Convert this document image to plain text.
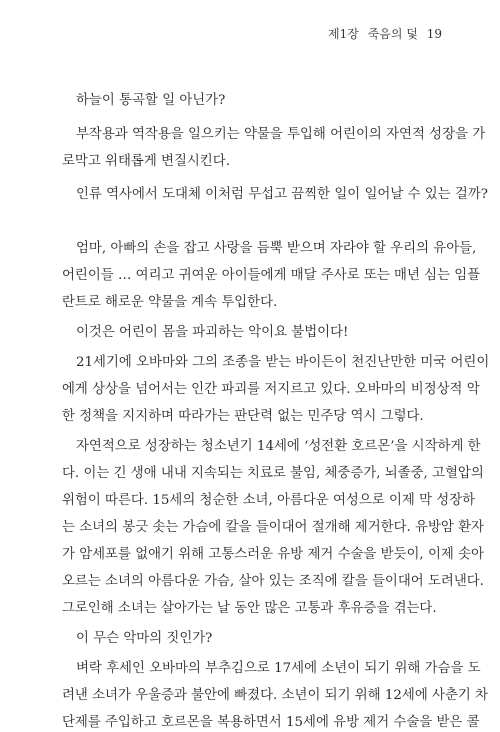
제1장 죽음의 덫 19
하늘이 통곡할 일 아닌가?
부작용과 역작용을 일으키는 약물을 투입해 어린이의 자연적 성장을 가
로막고 위태롭게 변질시킨다.
인류 역사에서 도대체 이처럼 무섭고 끔찍한 일이 일어날 수 있는 걸까?
엄마, 아빠의 손을 잡고 사랑을 듬뿍 받으며 자라야 할 우리의 유아들,
어린이들 … 여리고 귀여운 아이들에게 매달 주사로 또는 매년 심는 임플
란트로 해로운 약물을 계속 투입한다.
이것은 어린이 몸을 파괴하는 악이요 불법이다!
21세기에 오바마와 그의 조종을 받는 바이든이 천진난만한 미국 어린이
에게 상상을 넘어서는 인간 파괴를 저지르고 있다. 오바마의 비정상적 악
한 정책을 지지하며 따라가는 판단력 없는 민주당 역시 그렇다.
자연적으로 성장하는 청소년기 14세에 ‘성전환 호르몬’을 시작하게 한
다. 이는 긴 생애 내내 지속되는 치료로 불임, 체중증가, 뇌졸중, 고혈압의
위험이 따른다. 15세의 청순한 소녀, 아름다운 여성으로 이제 막 성장하
는 소녀의 봉긋 솟는 가슴에 칼을 들이대어 절개해 제거한다. 유방암 환자
가 암세포를 없애기 위해 고통스러운 유방 제거 수술을 받듯이, 이제 솟아
오르는 소녀의 아름다운 가슴, 살아 있는 조직에 칼을 들이대어 도려낸다.
그로인해 소녀는 살아가는 날 동안 많은 고통과 후유증을 겪는다.
이 무슨 악마의 짓인가?
벼락 후세인 오바마의 부추김으로 17세에 소년이 되기 위해 가슴을 도
려낸 소녀가 우울증과 불안에 빠졌다. 소년이 되기 위해 12세에 사춘기 차
단제를 주입하고 호르몬을 복용하면서 15세에 유방 제거 수술을 받은 콜
